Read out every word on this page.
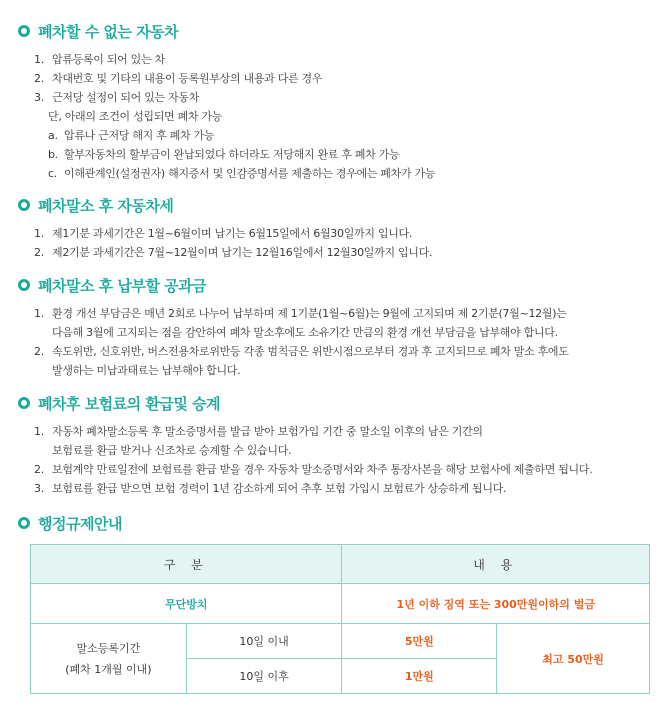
폐차할 수 없는 자동차
1. 압류등록이 되어 있는 차
2. 차대번호 및 기타의 내용이 등록원부상의 내용과 다른 경우
3. 근저당 설정이 되어 있는 자동차
단, 아래의 조건이 성립되면 폐차 가능
a. 압류나 근저당 해지 후 폐차 가능
b. 할부자동차의 할부금이 완납되었다 하더라도 저당해지 완료 후 폐차 가능
c. 이해관계인(설정권자) 해지증서 및 인감증명서를 제출하는 경우에는 폐차가 가능
폐차말소 후 자동차세
1. 제1기분 과세기간은 1월~6월이며 납기는 6월15일에서 6월30일까지 입니다.
2. 제2기분 과세기간은 7월~12월이며 납기는 12월16일에서 12월30일까지 입니다.
폐차말소 후 납부할 공과금
1. 환경 개선 부담금은 매년 2회로 나누어 납부하며 제 1기분(1월~6월)는 9월에 고지되며 제 2기분(7월~12월)는
다음해 3월에 고지되는 점을 감안하여 폐차 말소후에도 소유기간 만큼의 환경 개선 부담금을 납부해야 합니다.
2. 속도위반, 신호위반, 버스전용차로위반등 각종 범칙금은 위반시점으로부터 경과 후 고지되므로 폐차 말소 후에도
발생하는 미납과태료는 납부해야 합니다.
폐차후 보험료의 환급및 승계
1. 자동차 폐차말소등록 후 말소증명서를 발급 받아 보험가입 기간 중 말소일 이후의 남은 기간의
보험료를 환급 받거나 신조차로 승계할 수 있습니다.
2. 보험계약 만료일전에 보험료를 환급 받을 경우 자동차 말소증명서와 차주 통장사본을 해당 보험사에 제출하면 됩니다.
3. 보험료를 환급 받으면 보험 경력이 1년 감소하게 되어 추후 보험 가입시 보험료가 상승하게 됩니다.
행정규제안내
구 분		내 용	
무단방치		1년 이하 징역 또는 300만원이하의 벌금	

말소등록기간
(폐차 1개월 이내)	10일 이내	5만원	최고 50만원
	10일 이후	1만원	
